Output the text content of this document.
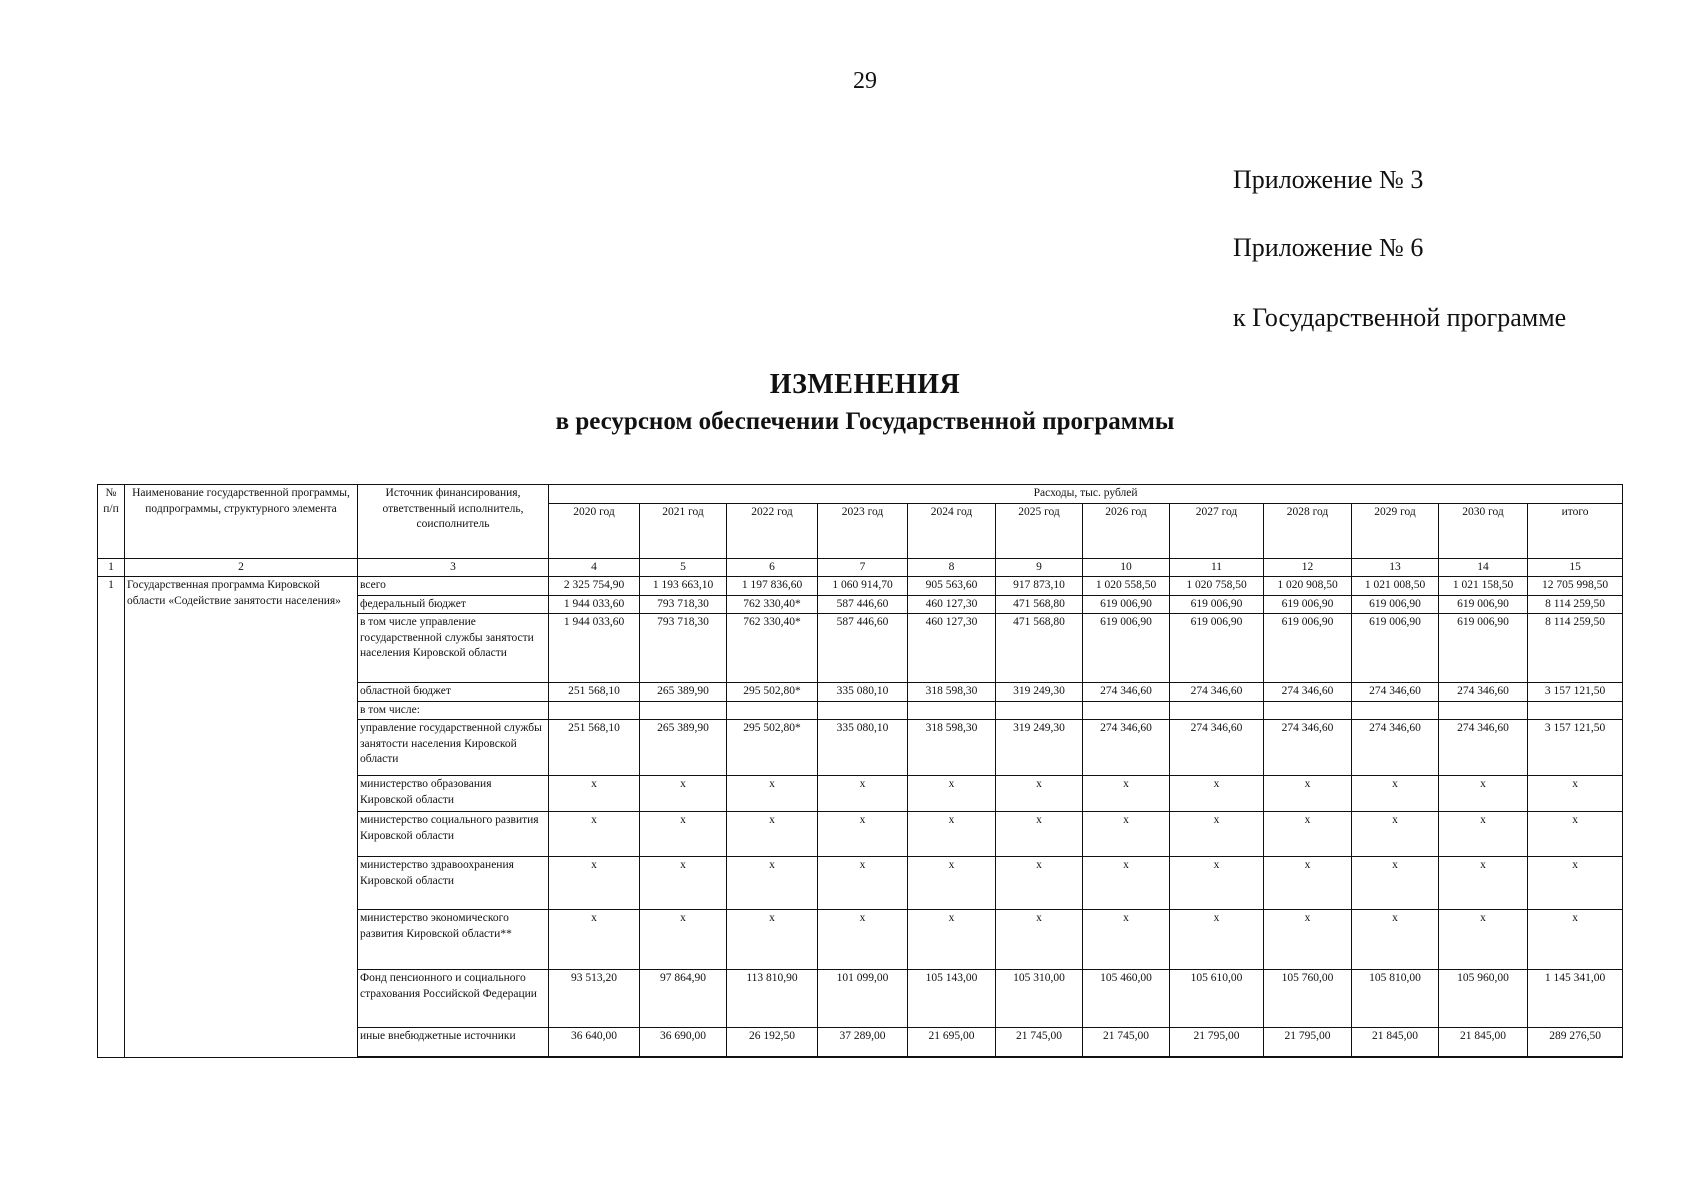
29
Приложение № 3
Приложение № 6
к Государственной программе
ИЗМЕНЕНИЯ
в ресурсном обеспечении Государственной программы
№ п/п	Наименование государственной программы, подпрограммы, структурного элемента	Источник финансирования, ответственный исполнитель, соисполнитель	Расходы, тыс. рублей											
			2020 год	2021 год	2022 год	2023 год	2024 год	2025 год	2026 год	2027 год	2028 год	2029 год	2030 год	итого
1	2	3	4	5	6	7	8	9	10	11	12	13	14	15
1	Государственная программа Кировской области «Содействие занятости населения»	всего	2 325 754,90	1 193 663,10	1 197 836,60	1 060 914,70	905 563,60	917 873,10	1 020 558,50	1 020 758,50	1 020 908,50	1 021 008,50	1 021 158,50	12 705 998,50
		федеральный бюджет	1 944 033,60	793 718,30	762 330,40*	587 446,60	460 127,30	471 568,80	619 006,90	619 006,90	619 006,90	619 006,90	619 006,90	8 114 259,50
		в том числе управление государственной службы занятости населения Кировской области	1 944 033,60	793 718,30	762 330,40*	587 446,60	460 127,30	471 568,80	619 006,90	619 006,90	619 006,90	619 006,90	619 006,90	8 114 259,50
		областной бюджет	251 568,10	265 389,90	295 502,80*	335 080,10	318 598,30	319 249,30	274 346,60	274 346,60	274 346,60	274 346,60	274 346,60	3 157 121,50
		в том числе:												
		управление государственной службы занятости населения Кировской области	251 568,10	265 389,90	295 502,80*	335 080,10	318 598,30	319 249,30	274 346,60	274 346,60	274 346,60	274 346,60	274 346,60	3 157 121,50
		министерство образования Кировской области	x	x	x	x	x	x	x	x	x	x	x	x
		министерство социального развития Кировской области	x	x	x	x	x	x	x	x	x	x	x	x
		министерство здравоохранения Кировской области	x	x	x	x	x	x	x	x	x	x	x	x
		министерство экономического развития Кировской области**	x	x	x	x	x	x	x	x	x	x	x	x
		Фонд пенсионного и социального страхования Российской Федерации	93 513,20	97 864,90	113 810,90	101 099,00	105 143,00	105 310,00	105 460,00	105 610,00	105 760,00	105 810,00	105 960,00	1 145 341,00
		иные внебюджетные источники	36 640,00	36 690,00	26 192,50	37 289,00	21 695,00	21 745,00	21 745,00	21 795,00	21 795,00	21 845,00	21 845,00	289 276,50
